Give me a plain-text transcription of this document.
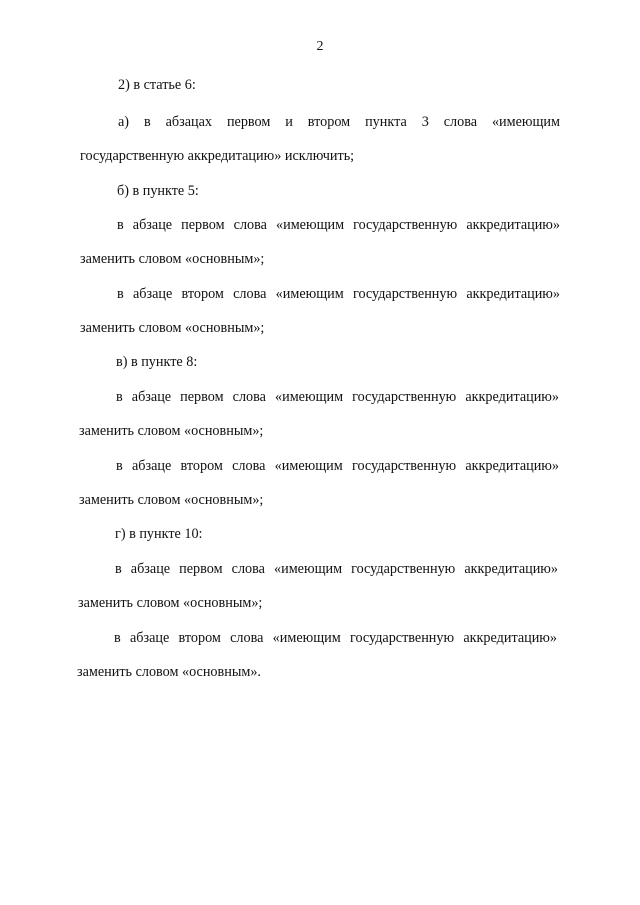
2
2) в статье 6:
а) в абзацах первом и втором пункта 3 слова «имеющим
государственную аккредитацию» исключить;
б) в пункте 5:
в абзаце первом слова «имеющим государственную аккредитацию»
заменить словом «основным»;
в абзаце втором слова «имеющим государственную аккредитацию»
заменить словом «основным»;
в) в пункте 8:
в абзаце первом слова «имеющим государственную аккредитацию»
заменить словом «основным»;
в абзаце втором слова «имеющим государственную аккредитацию»
заменить словом «основным»;
г) в пункте 10:
в абзаце первом слова «имеющим государственную аккредитацию»
заменить словом «основным»;
в абзаце втором слова «имеющим государственную аккредитацию»
заменить словом «основным».
